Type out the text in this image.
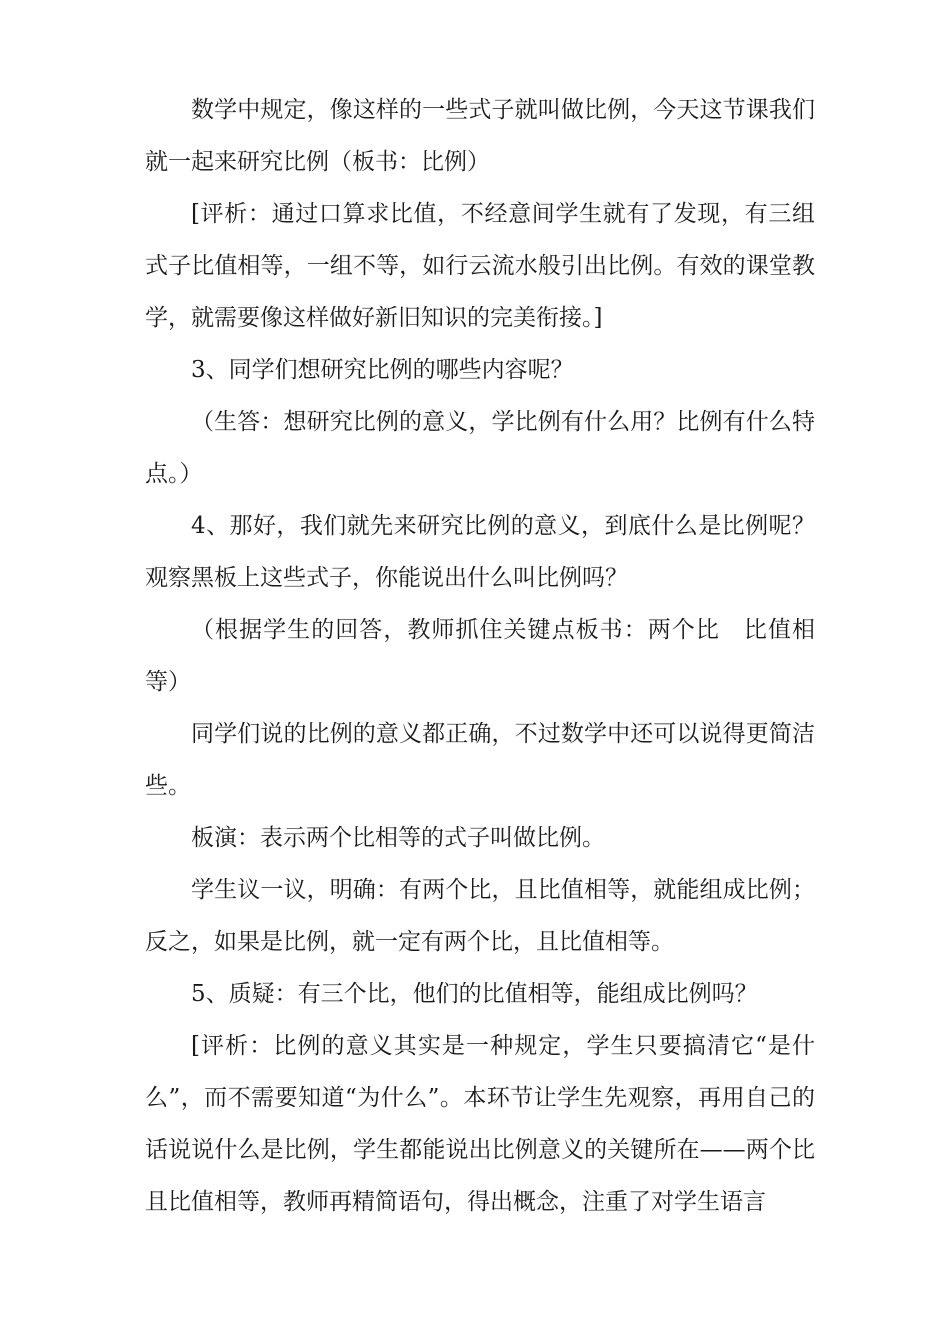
数学中规定，像这样的一些式子就叫做比例，今天这节课我们就一起来研究比例（板书：比例）

[评析：通过口算求比值，不经意间学生就有了发现，有三组式子比值相等，一组不等，如行云流水般引出比例。有效的课堂教学，就需要像这样做好新旧知识的完美衔接。]

3、同学们想研究比例的哪些内容呢？

（生答：想研究比例的意义，学比例有什么用？比例有什么特点。）

4、那好，我们就先来研究比例的意义，到底什么是比例呢？观察黑板上这些式子，你能说出什么叫比例吗？

（根据学生的回答，教师抓住关键点板书：两个比　比值相等）

同学们说的比例的意义都正确，不过数学中还可以说得更简洁些。

板演：表示两个比相等的式子叫做比例。

学生议一议，明确：有两个比，且比值相等，就能组成比例；反之，如果是比例，就一定有两个比，且比值相等。

5、质疑：有三个比，他们的比值相等，能组成比例吗？

[评析：比例的意义其实是一种规定，学生只要搞清它“是什么”，而不需要知道“为什么”。本环节让学生先观察，再用自己的话说说什么是比例，学生都能说出比例意义的关键所在——两个比且比值相等，教师再精简语句，得出概念，注重了对学生语言
